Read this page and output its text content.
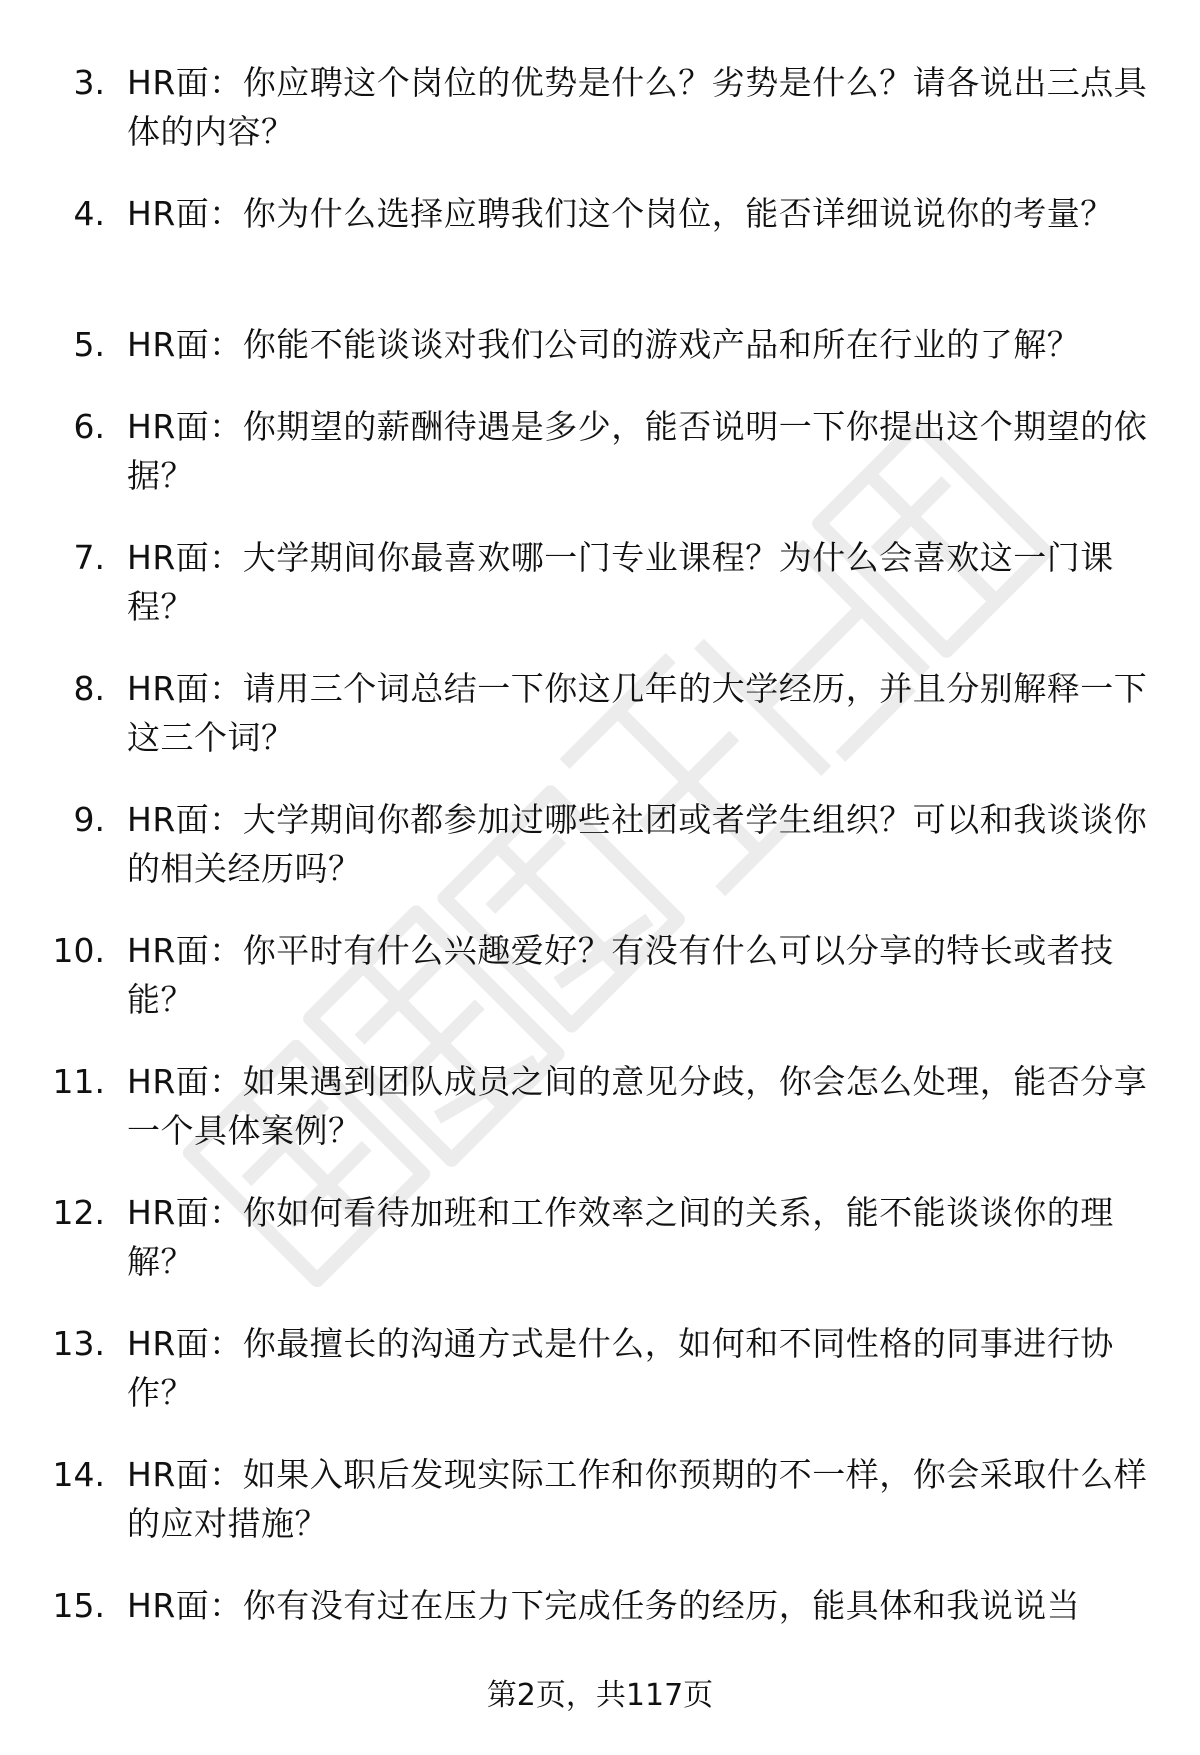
3. HR面：你应聘这个岗位的优势是什么？劣势是什么？请各说出三点具体的内容？
4. HR面：你为什么选择应聘我们这个岗位，能否详细说说你的考量？
5. HR面：你能不能谈谈对我们公司的游戏产品和所在行业的了解？
6. HR面：你期望的薪酬待遇是多少，能否说明一下你提出这个期望的依据？
7. HR面：大学期间你最喜欢哪一门专业课程？为什么会喜欢这一门课程？
8. HR面：请用三个词总结一下你这几年的大学经历，并且分别解释一下这三个词？
9. HR面：大学期间你都参加过哪些社团或者学生组织？可以和我谈谈你的相关经历吗？
10. HR面：你平时有什么兴趣爱好？有没有什么可以分享的特长或者技能？
11. HR面：如果遇到团队成员之间的意见分歧，你会怎么处理，能否分享一个具体案例？
12. HR面：你如何看待加班和工作效率之间的关系，能不能谈谈你的理解？
13. HR面：你最擅长的沟通方式是什么，如何和不同性格的同事进行协作？
14. HR面：如果入职后发现实际工作和你预期的不一样，你会采取什么样的应对措施？
15. HR面：你有没有过在压力下完成任务的经历，能具体和我说说当
第2页，共117页
